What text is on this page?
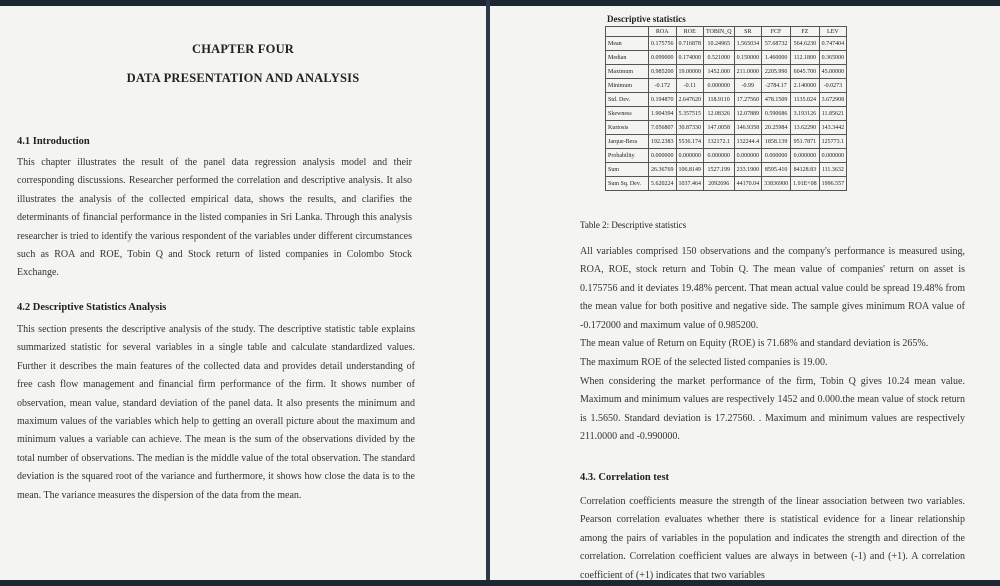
CHAPTER FOUR
DATA PRESENTATION AND ANALYSIS
4.1 Introduction
This chapter illustrates the result of the panel data regression analysis model and their corresponding discussions. Researcher performed the correlation and descriptive analysis. It also illustrates the analysis of the collected empirical data, shows the results, and clarifies the determinants of financial performance in the listed companies in Sri Lanka. Through this analysis researcher is tried to identify the various respondent of the variables under different circumstances such as ROA and ROE, Tobin Q and Stock return of listed companies in Colombo Stock Exchange.
4.2 Descriptive Statistics Analysis
This section presents the descriptive analysis of the study. The descriptive statistic table explains summarized statistic for several variables in a single table and calculate standardized values. Further it describes the main features of the collected data and provides detail understanding of free cash flow management and financial firm performance of the firm. It shows number of observation, mean value, standard deviation of the panel data. It also presents the minimum and maximum values of the variables which help to getting an overall picture about the maximum and minimum values a variable can achieve. The mean is the sum of the observations divided by the total number of observations. The median is the middle value of the total observation. The standard deviation is the squared root of the variance and furthermore, it shows how close the data is to the mean. The variance measures the dispersion of the data from the mean.
Descriptive statistics
	ROA	ROE	TOBIN_Q	SR	FCF	FZ	LEV
Mean	0.175756	0.716878	10.24965	1.565034	57.68732	564.6230	0.747404
Median	0.099000	0.174000	0.521000	0.150000	1.460000	112.1800	0.365000
Maximum	0.985200	19.00000	1452.000	211.0000	2205.990	6045.700	45.00000
Minimum	-0.172	-0.11	0.000000	-0.99	-2784.17	2.140000	-0.0273
Std. Dev.	0.194870	2.647620	118.9110	17.27560	478.1509	1135.024	3.672908
Skewness	1.904394	5.357515	12.08326	12.07889	0.590686	3.193126	11.85621
Kurtosis	7.056807	30.87330	147.0058	146.9358	20.25984	13.62290	143.3442
Jarque-Bera	192.2383	5536.174	132172.1	132244.4	1858.139	951.7871	125773.1
Probability	0.000000	0.000000	0.000000	0.000000	0.000000	0.000000	0.000000
Sum	26.36769	106.8149	1527.199	233.1900	8595.410	84128.83	111.3632
Sum Sq. Dev.	5.620224	1037.464	2092696	44170.04	33836900	1.91E+08	1996.557
Table 2: Descriptive statistics
All variables comprised 150 observations and the company's performance is measured using, ROA, ROE, stock return and Tobin Q. The mean value of companies' return on asset is 0.175756 and it deviates 19.48% percent. That mean actual value could be spread 19.48% from the mean value for both positive and negative side. The sample gives minimum ROA value of -0.172000 and maximum value of 0.985200.
The mean value of Return on Equity (ROE) is 71.68% and standard deviation is 265%.
The maximum ROE of the selected listed companies is 19.00.
When considering the market performance of the firm, Tobin Q gives 10.24 mean value. Maximum and minimum values are respectively 1452 and 0.000.the mean value of stock return is 1.5650. Standard deviation is 17.27560. . Maximum and minimum values are respectively 211.0000 and -0.990000.
4.3. Correlation test
Correlation coefficients measure the strength of the linear association between two variables. Pearson correlation evaluates whether there is statistical evidence for a linear relationship among the pairs of variables in the population and indicates the strength and direction of the correlation. Correlation coefficient values are always in between (-1) and (+1). A correlation coefficient of (+1) indicates that two variables
